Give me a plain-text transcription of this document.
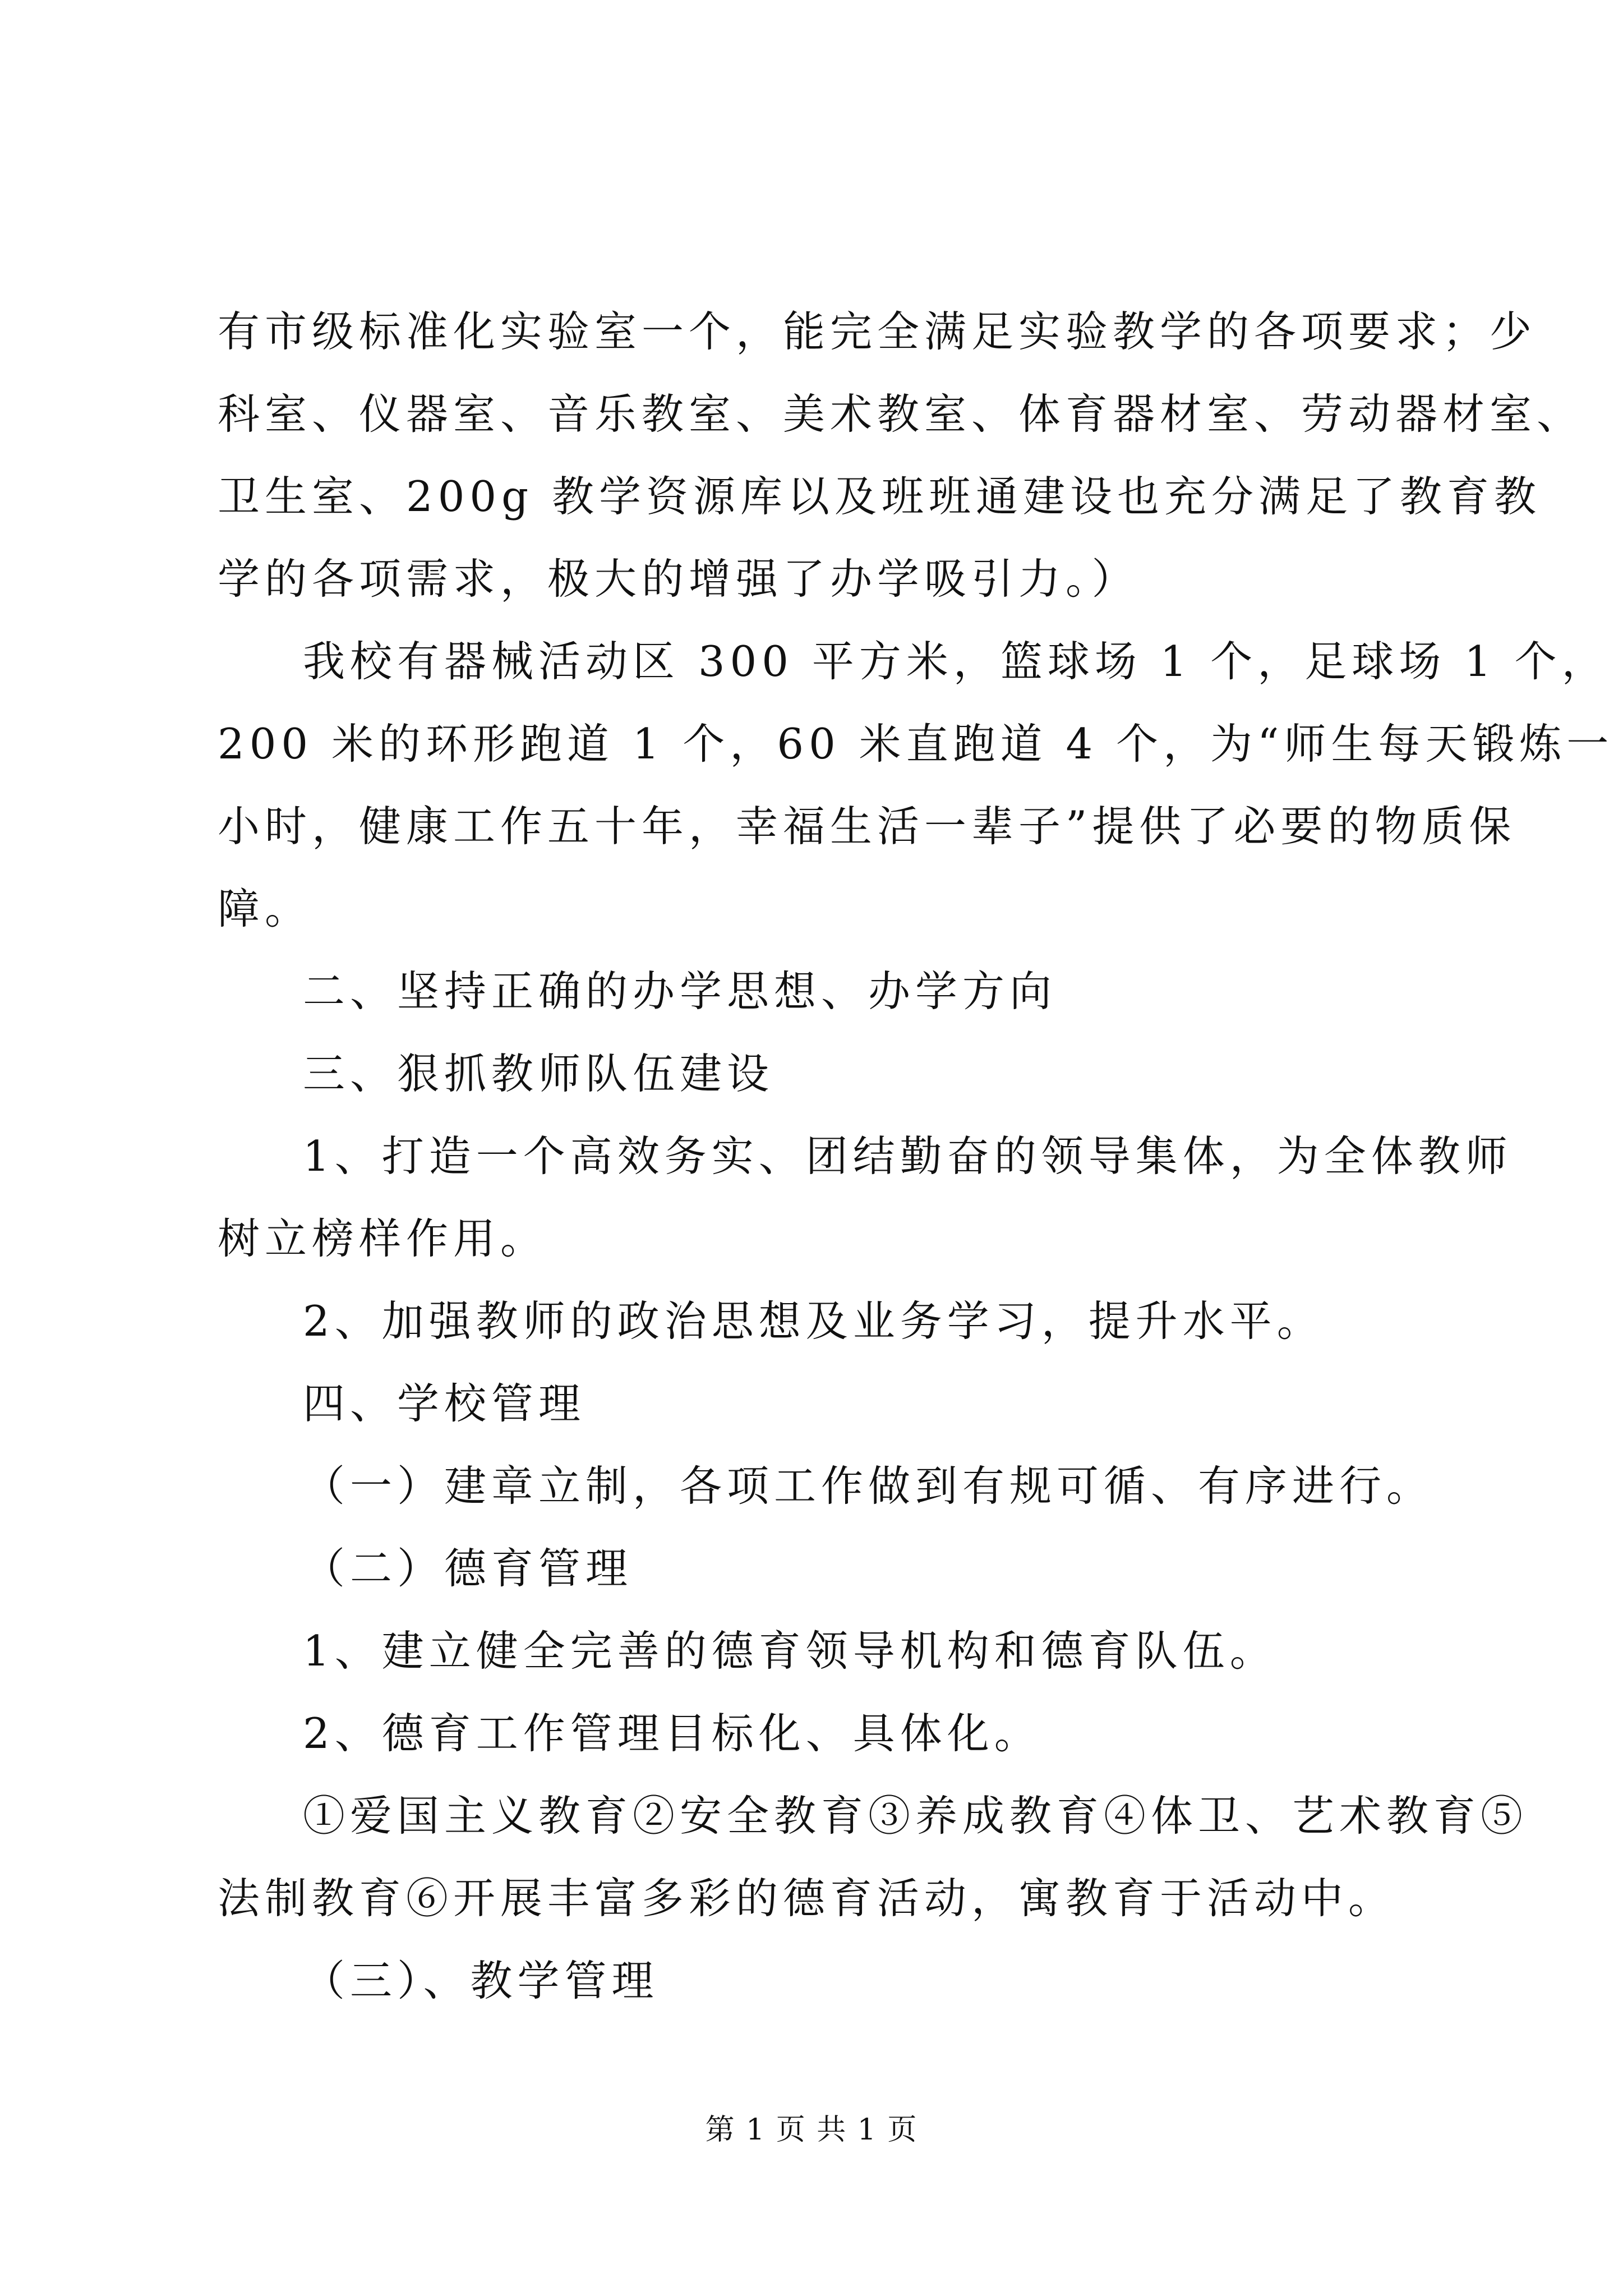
有市级标准化实验室一个，能完全满足实验教学的各项要求；少
科室、仪器室、音乐教室、美术教室、体育器材室、劳动器材室、
卫生室、200g 教学资源库以及班班通建设也充分满足了教育教
学的各项需求，极大的增强了办学吸引力。）
我校有器械活动区 300 平方米，篮球场 1 个，足球场 1 个，
200 米的环形跑道 1 个，60 米直跑道 4 个，为“师生每天锻炼一
小时，健康工作五十年，幸福生活一辈子”提供了必要的物质保
障。
二、坚持正确的办学思想、办学方向
三、狠抓教师队伍建设
1、打造一个高效务实、团结勤奋的领导集体，为全体教师
树立榜样作用。
2、加强教师的政治思想及业务学习，提升水平。
四、学校管理
（一）建章立制，各项工作做到有规可循、有序进行。
（二）德育管理
1、建立健全完善的德育领导机构和德育队伍。
2、德育工作管理目标化、具体化。
①爱国主义教育②安全教育③养成教育④体卫、艺术教育⑤
法制教育⑥开展丰富多彩的德育活动，寓教育于活动中。
（三）、教学管理
第 1 页 共 1 页
